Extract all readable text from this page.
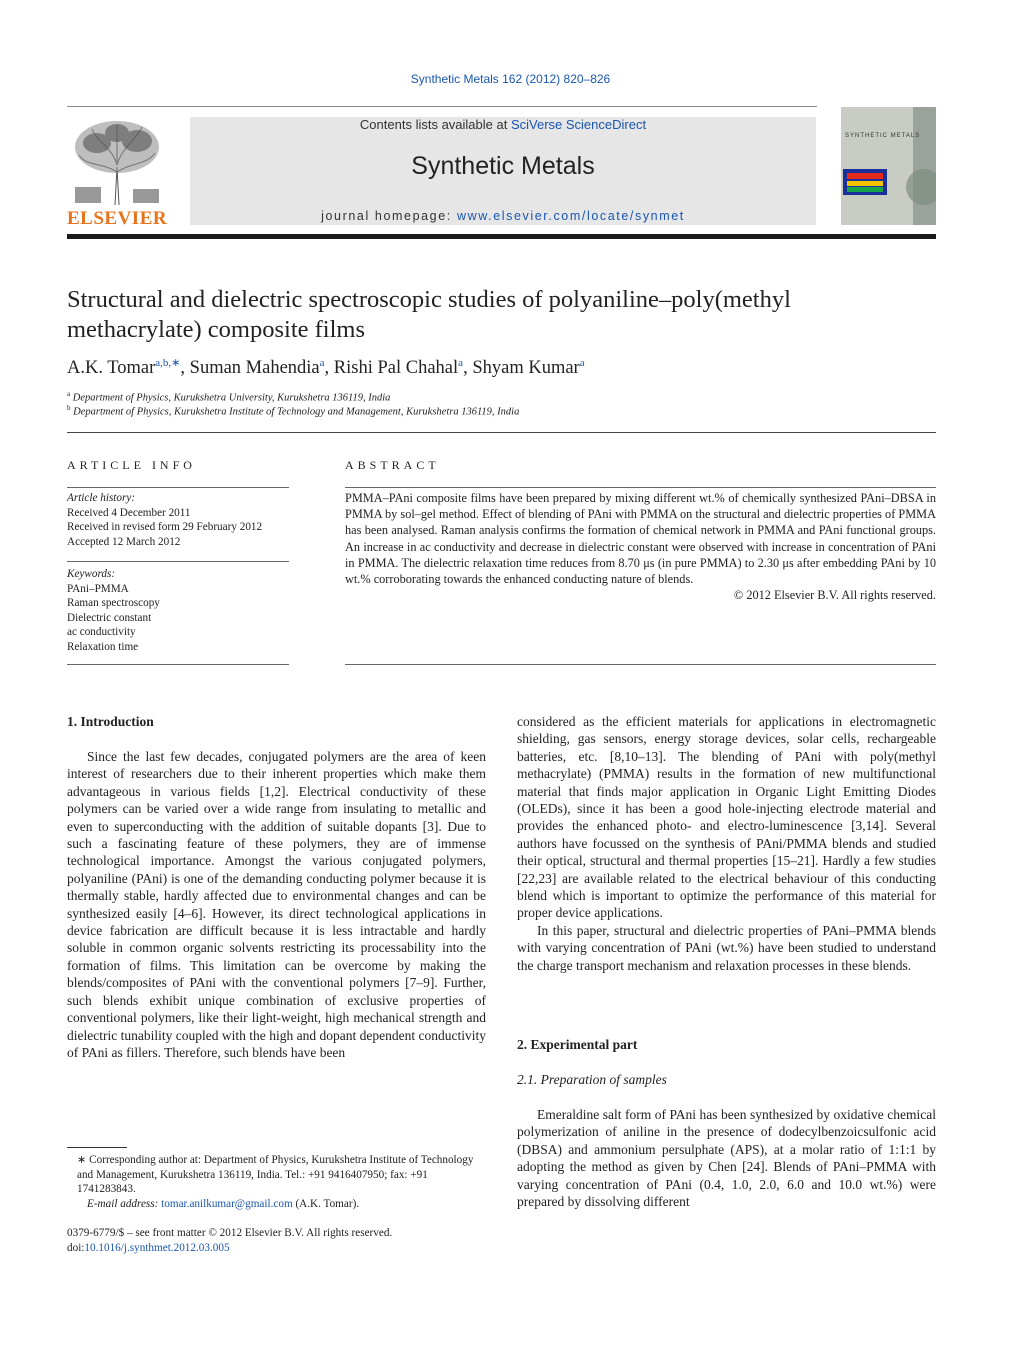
Synthetic Metals 162 (2012) 820–826
ELSEVIER
Contents lists available at SciVerse ScienceDirect
Synthetic Metals
journal homepage: www.elsevier.com/locate/synmet
SYNTHETIC METALS
Structural and dielectric spectroscopic studies of polyaniline–poly(methyl
methacrylate) composite films
A.K. Tomar$^{a,b,∗}$, Suman Mahendia$^a$, Rishi Pal Chahal$^a$, Shyam Kumar$^a$
$^a$ Department of Physics, Kurukshetra University, Kurukshetra 136119, India
$^b$ Department of Physics, Kurukshetra Institute of Technology and Management, Kurukshetra 136119, India
ARTICLE INFO
Article history:
Received 4 December 2011
Received in revised form 29 February 2012
Accepted 12 March 2012
Keywords:
PAni–PMMA
Raman spectroscopy
Dielectric constant
ac conductivity
Relaxation time
ABSTRACT

PMMA–PAni composite films have been prepared by mixing different wt.% of chemically synthesized PAni–DBSA in PMMA by sol–gel method. Effect of blending of PAni with PMMA on the structural and dielectric properties of PMMA has been analysed. Raman analysis confirms the formation of chemical network in PMMA and PAni functional groups. An increase in ac conductivity and decrease in dielectric constant were observed with increase in concentration of PAni in PMMA. The dielectric relaxation time reduces from 8.70 μs (in pure PMMA) to 2.30 μs after embedding PAni by 10 wt.% corroborating towards the enhanced conducting nature of blends.

© 2012 Elsevier B.V. All rights reserved.

1. Introduction

Since the last few decades, conjugated polymers are the area of keen interest of researchers due to their inherent properties which make them advantageous in various fields [1,2]. Electrical conductivity of these polymers can be varied over a wide range from insulating to metallic and even to superconducting with the addition of suitable dopants [3]. Due to such a fascinating feature of these polymers, they are of immense technological importance. Amongst the various conjugated polymers, polyaniline (PAni) is one of the demanding conducting polymer because it is thermally stable, hardly affected due to environmental changes and can be synthesized easily [4–6]. However, its direct technological applications in device fabrication are difficult because it is less intractable and hardly soluble in common organic solvents restricting its processability into the formation of films. This limitation can be overcome by making the blends/composites of PAni with the conventional polymers [7–9]. Further, such blends exhibit unique combination of exclusive properties of conventional polymers, like their light-weight, high mechanical strength and dielectric tunability coupled with the high and dopant dependent conductivity of PAni as fillers. Therefore, such blends have been

considered as the efficient materials for applications in electromagnetic shielding, gas sensors, energy storage devices, solar cells, rechargeable batteries, etc. [8,10–13]. The blending of PAni with poly(methyl methacrylate) (PMMA) results in the formation of new multifunctional material that finds major application in Organic Light Emitting Diodes (OLEDs), since it has been a good hole-injecting electrode material and provides the enhanced photo- and electro-luminescence [3,14]. Several authors have focussed on the synthesis of PAni/PMMA blends and studied their optical, structural and thermal properties [15–21]. Hardly a few studies [22,23] are available related to the electrical behaviour of this conducting blend which is important to optimize the performance of this material for proper device applications.

In this paper, structural and dielectric properties of PAni–PMMA blends with varying concentration of PAni (wt.%) have been studied to understand the charge transport mechanism and relaxation processes in these blends.

2. Experimental part
2.1. Preparation of samples

Emeraldine salt form of PAni has been synthesized by oxidative chemical polymerization of aniline in the presence of dodecylbenzoicsulfonic acid (DBSA) and ammonium persulphate (APS), at a molar ratio of 1:1:1 by adopting the method as given by Chen [24]. Blends of PAni–PMMA with varying concentration of PAni (0.4, 1.0, 2.0, 6.0 and 10.0 wt.%) were prepared by dissolving different

∗ Corresponding author at: Department of Physics, Kurukshetra Institute of Technology and Management, Kurukshetra 136119, India. Tel.: +91 9416407950; fax: +91 1741283843.
E-mail address: tomar.anilkumar@gmail.com (A.K. Tomar).
0379-6779/$ – see front matter © 2012 Elsevier B.V. All rights reserved.
doi:10.1016/j.synthmet.2012.03.005
